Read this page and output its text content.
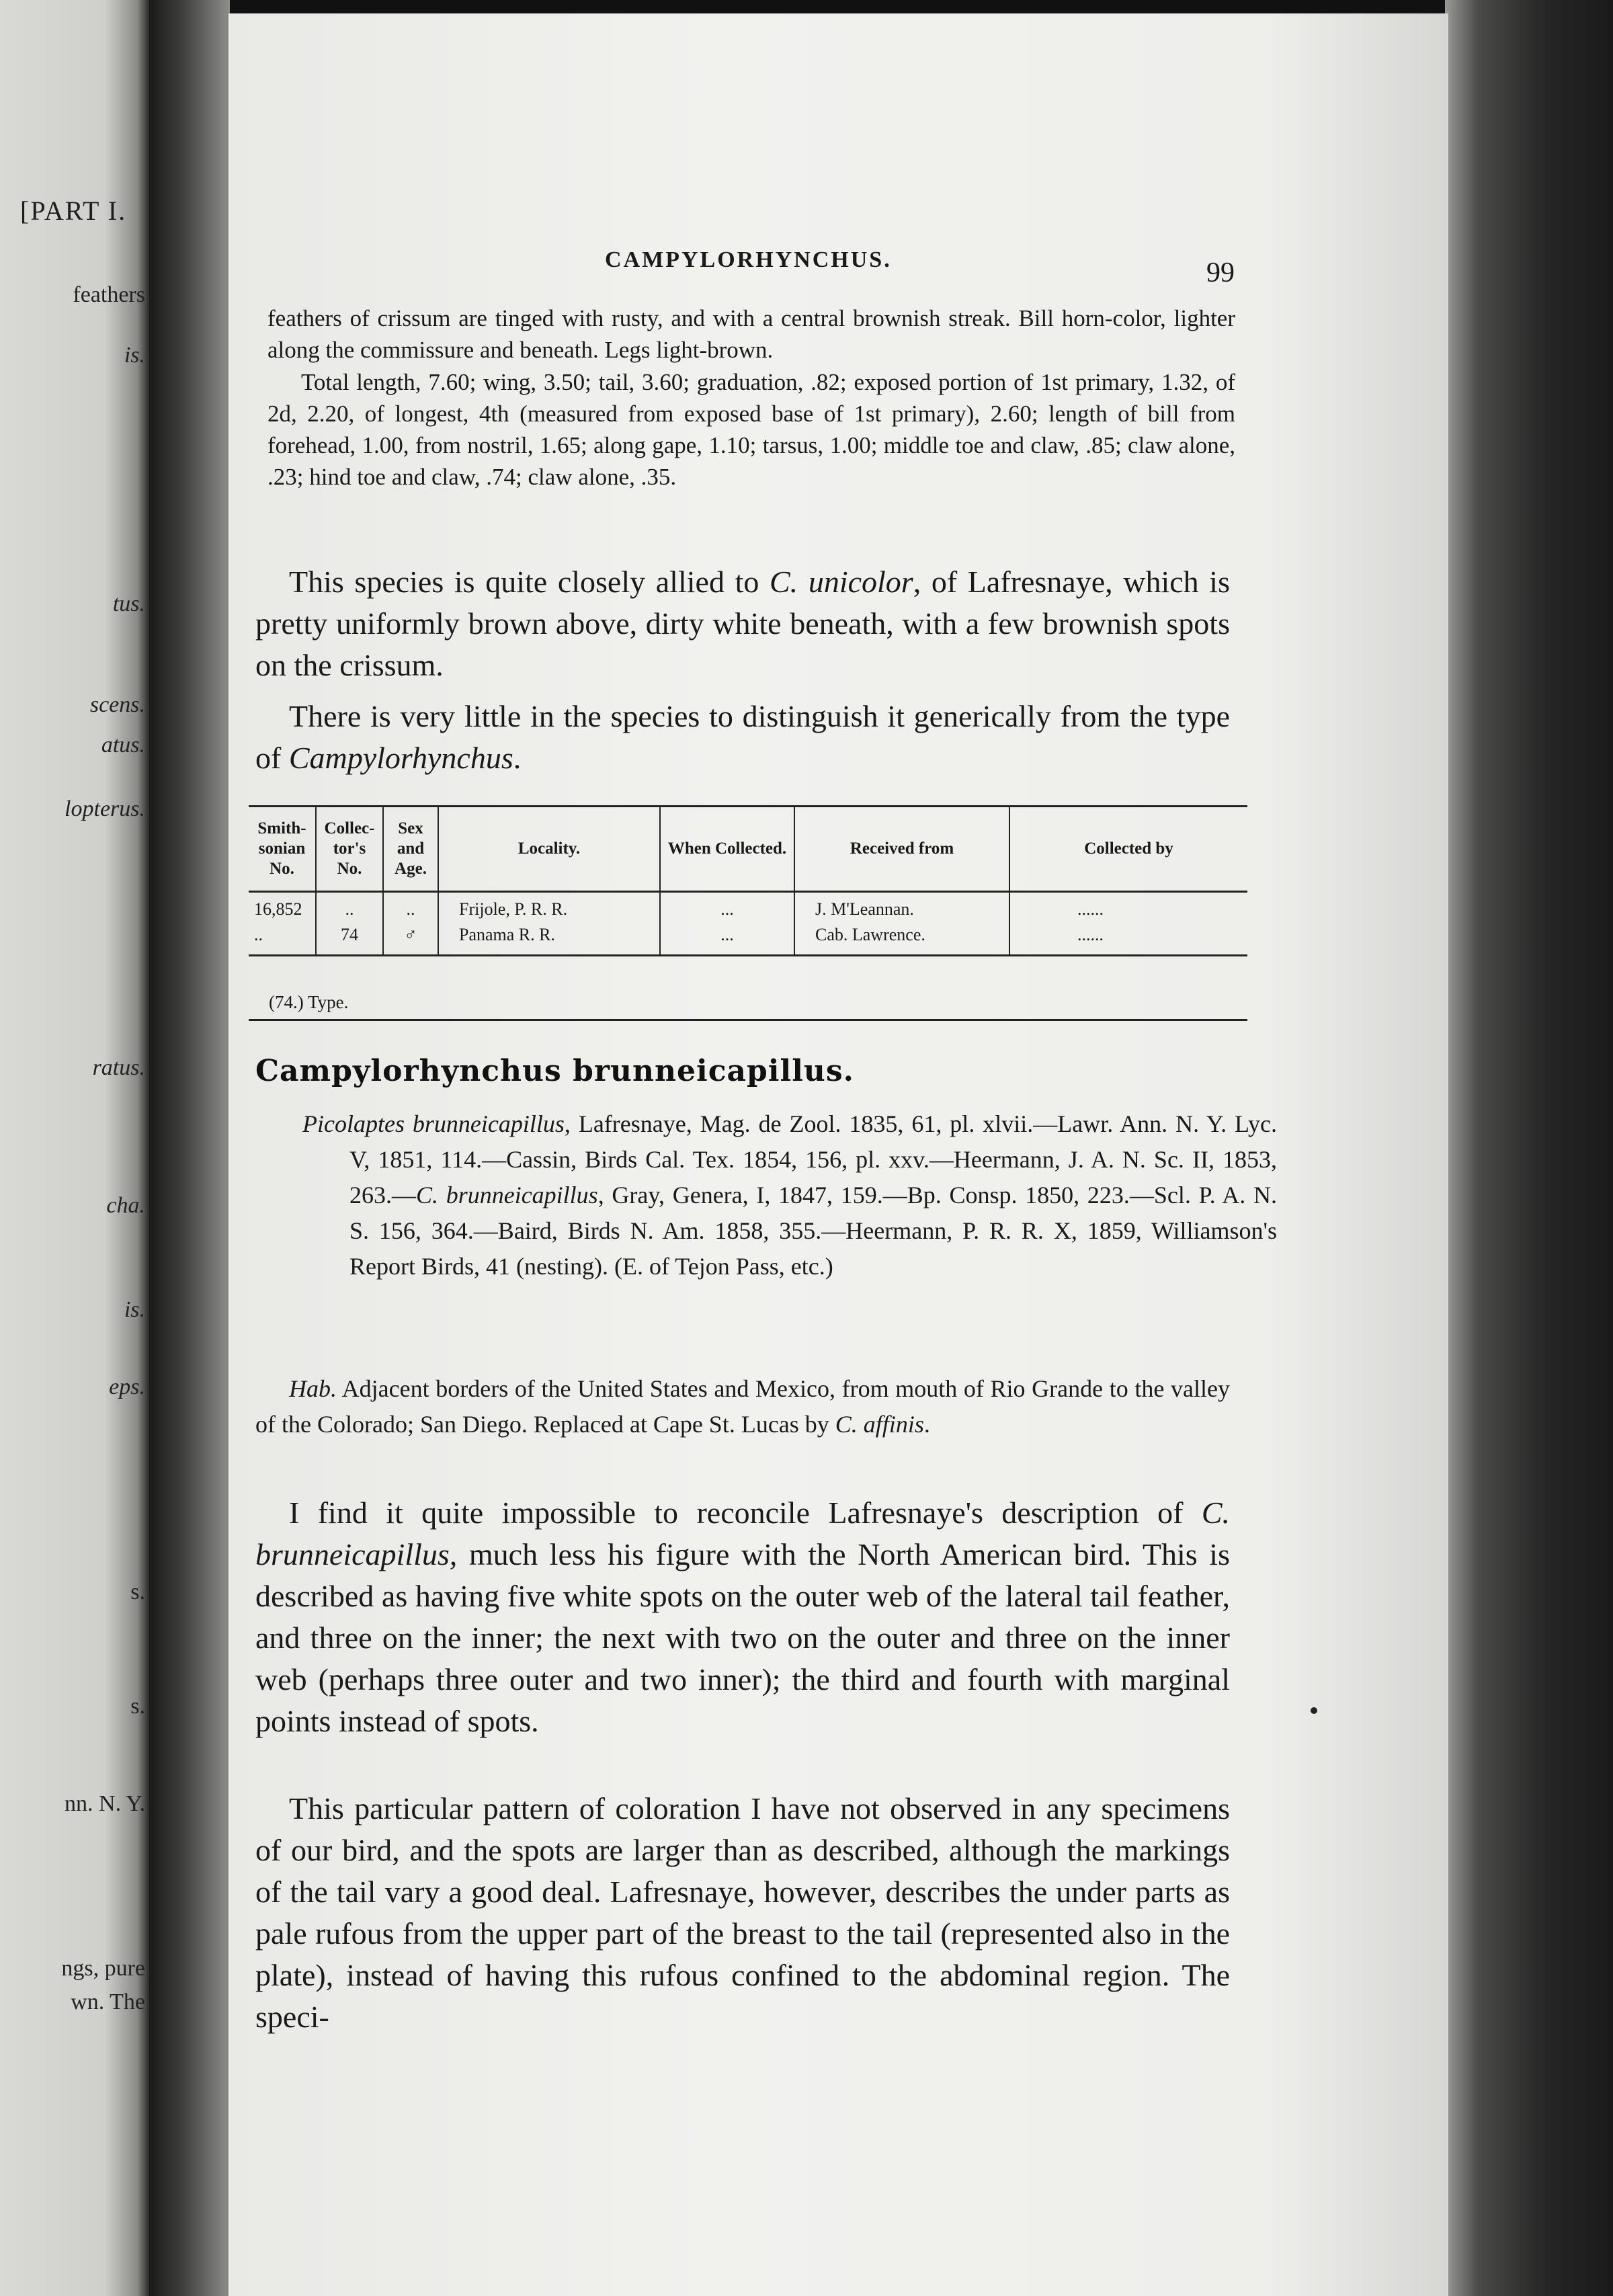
[PART I.
feathers
is.
tus.
scens.
atus.
lopterus.
ratus.
cha.
is.
eps.
s.
s.
nn. N. Y.
ngs, pure
wn. The
CAMPYLORHYNCHUS.	99
feathers of crissum are tinged with rusty, and with a central brownish streak. Bill horn-color, lighter along the commissure and beneath. Legs light-brown.
Total length, 7.60; wing, 3.50; tail, 3.60; graduation, .82; exposed portion of 1st primary, 1.32, of 2d, 2.20, of longest, 4th (measured from exposed base of 1st primary), 2.60; length of bill from forehead, 1.00, from nostril, 1.65; along gape, 1.10; tarsus, 1.00; middle toe and claw, .85; claw alone, .23; hind toe and claw, .74; claw alone, .35.
This species is quite closely allied to C. unicolor, of Lafresnaye, which is pretty uniformly brown above, dirty white beneath, with a few brownish spots on the crissum.
There is very little in the species to distinguish it generically from the type of Campylorhynchus.
Smith-sonian No.	Collec-tor's No.	Sex and Age.	Locality.	When Collected.	Received from	Collected by
16,852	..	..	Frijole, P. R. R.	...	J. M'Leannan.	......
..	74	♂	Panama R. R.	...	Cab. Lawrence.	......
(74.) Type.
Campylorhynchus brunneicapillus.
Picolaptes brunneicapillus, Lafresnaye, Mag. de Zool. 1835, 61, pl. xlvii.—Lawr. Ann. N. Y. Lyc. V, 1851, 114.—Cassin, Birds Cal. Tex. 1854, 156, pl. xxv.—Heermann, J. A. N. Sc. II, 1853, 263.—C. brunneicapillus, Gray, Genera, I, 1847, 159.—Bp. Consp. 1850, 223.—Scl. P. A. N. S. 156, 364.—Baird, Birds N. Am. 1858, 355.—Heermann, P. R. R. X, 1859, Williamson's Report Birds, 41 (nesting). (E. of Tejon Pass, etc.)
Hab. Adjacent borders of the United States and Mexico, from mouth of Rio Grande to the valley of the Colorado; San Diego. Replaced at Cape St. Lucas by C. affinis.
I find it quite impossible to reconcile Lafresnaye's description of C. brunneicapillus, much less his figure with the North American bird. This is described as having five white spots on the outer web of the lateral tail feather, and three on the inner; the next with two on the outer and three on the inner web (perhaps three outer and two inner); the third and fourth with marginal points instead of spots.
This particular pattern of coloration I have not observed in any specimens of our bird, and the spots are larger than as described, although the markings of the tail vary a good deal. Lafresnaye, however, describes the under parts as pale rufous from the upper part of the breast to the tail (represented also in the plate), instead of having this rufous confined to the abdominal region. The speci-
